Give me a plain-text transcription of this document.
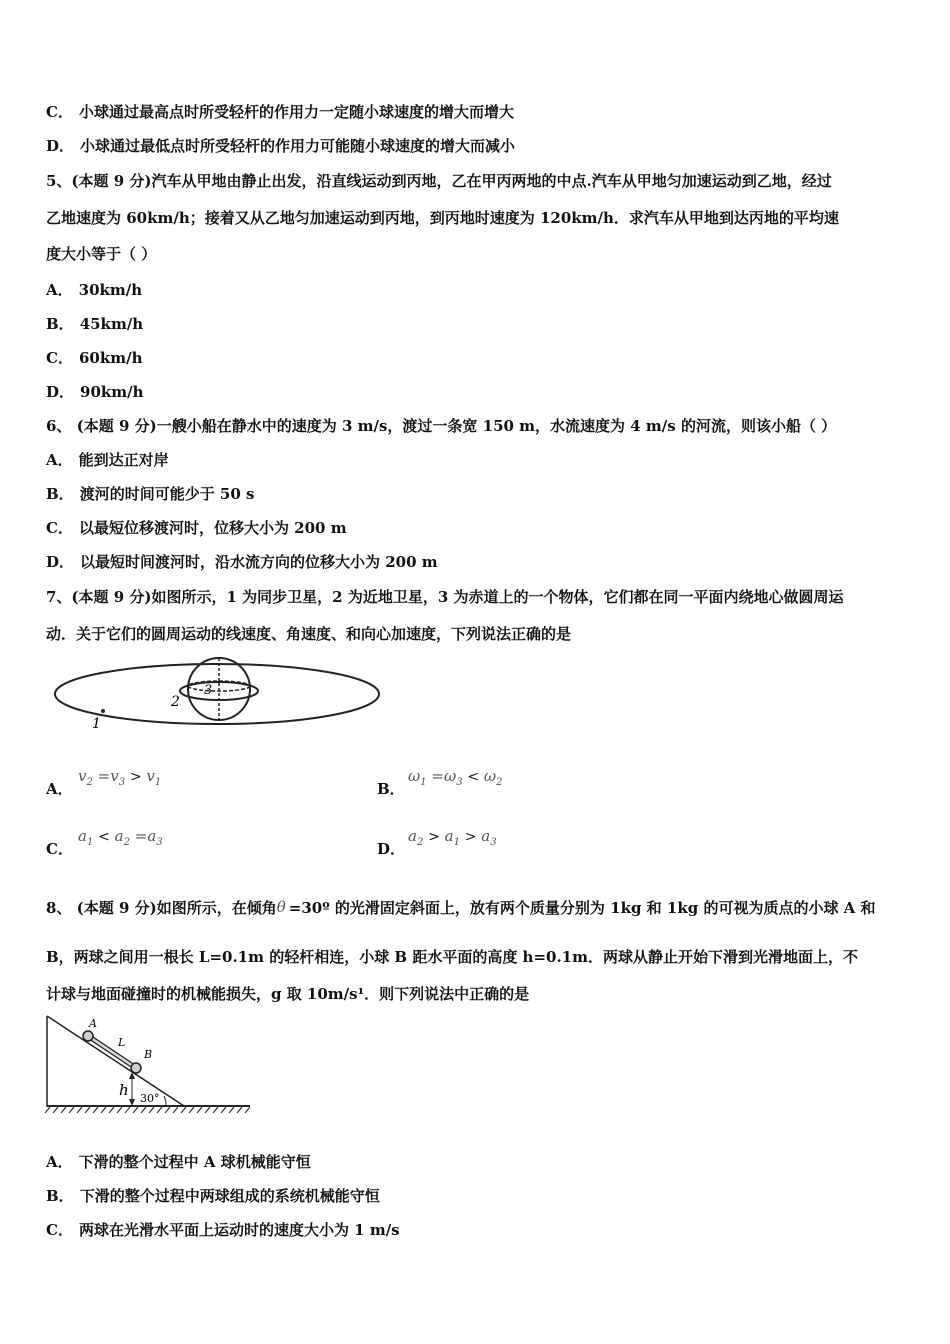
C． 小球通过最高点时所受轻杆的作用力一定随小球速度的增大而增大
D． 小球通过最低点时所受轻杆的作用力可能随小球速度的增大而减小
5、(本题 9 分)汽车从甲地由静止出发，沿直线运动到丙地，乙在甲丙两地的中点.汽车从甲地匀加速运动到乙地，经过
乙地速度为 60km/h；接着又从乙地匀加速运动到丙地，到丙地时速度为 120km/h．求汽车从甲地到达丙地的平均速
度大小等于（ ）
A． 30km/h
B． 45km/h
C． 60km/h
D． 90km/h
6、 (本题 9 分)一艘小船在静水中的速度为 3 m/s，渡过一条宽 150 m，水流速度为 4 m/s 的河流，则该小船（ ）
A． 能到达正对岸
B． 渡河的时间可能少于 50 s
C． 以最短位移渡河时，位移大小为 200 m
D． 以最短时间渡河时，沿水流方向的位移大小为 200 m
7、(本题 9 分)如图所示，1 为同步卫星，2 为近地卫星，3 为赤道上的一个物体，它们都在同一平面内绕地心做圆周运
动．关于它们的圆周运动的线速度、角速度、和向心加速度，下列说法正确的是
1
2
3
A．
$v_2 =v_3 > v_1$	B．
$\omega_1 =\omega_3 < \omega_2$
C．
$a_1 < a_2 =a_3$	D．
$a_2 > a_1 > a_3$
8、 (本题 9 分)如图所示，在倾角 θ =30º 的光滑固定斜面上，放有两个质量分别为 1kg 和 1kg 的可视为质点的小球 A 和
B，两球之间用一根长 L=0.1m 的轻杆相连，小球 B 距水平面的高度 h=0.1m．两球从静止开始下滑到光滑地面上，不
计球与地面碰撞时的机械能损失，g 取 10m/s¹．则下列说法中正确的是
A
L
B
h 30°
A． 下滑的整个过程中 A 球机械能守恒
B． 下滑的整个过程中两球组成的系统机械能守恒
C． 两球在光滑水平面上运动时的速度大小为 1 m/s
